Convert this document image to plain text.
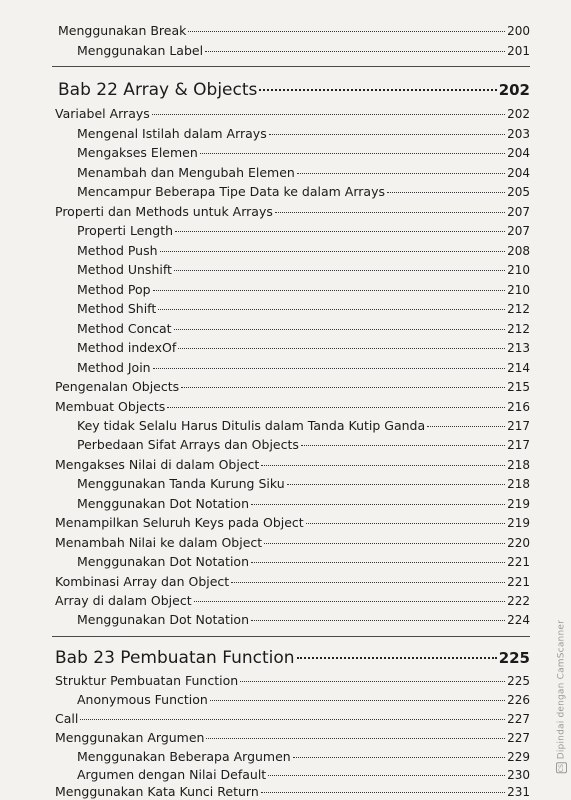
Menggunakan Break	200
Menggunakan Label	201
Bab 22 Array & Objects	202
Variabel Arrays	202
Mengenal Istilah dalam Arrays	203
Mengakses Elemen	204
Menambah dan Mengubah Elemen	204
Mencampur Beberapa Tipe Data ke dalam Arrays	205
Properti dan Methods untuk Arrays	207
Properti Length	207
Method Push	208
Method Unshift	210
Method Pop	210
Method Shift	212
Method Concat	212
Method indexOf	213
Method Join	214
Pengenalan Objects	215
Membuat Objects	216
Key tidak Selalu Harus Ditulis dalam Tanda Kutip Ganda	217
Perbedaan Sifat Arrays dan Objects	217
Mengakses Nilai di dalam Object	218
Menggunakan Tanda Kurung Siku	218
Menggunakan Dot Notation	219
Menampilkan Seluruh Keys pada Object	219
Menambah Nilai ke dalam Object	220
Menggunakan Dot Notation	221
Kombinasi Array dan Object	221
Array di dalam Object	222
Menggunakan Dot Notation	224
Bab 23 Pembuatan Function	225
Struktur Pembuatan Function	225
Anonymous Function	226
Call	227
Menggunakan Argumen	227
Menggunakan Beberapa Argumen	229
Argumen dengan Nilai Default	230
Menggunakan Kata Kunci Return	231
CS
Dipindai dengan CamScanner
